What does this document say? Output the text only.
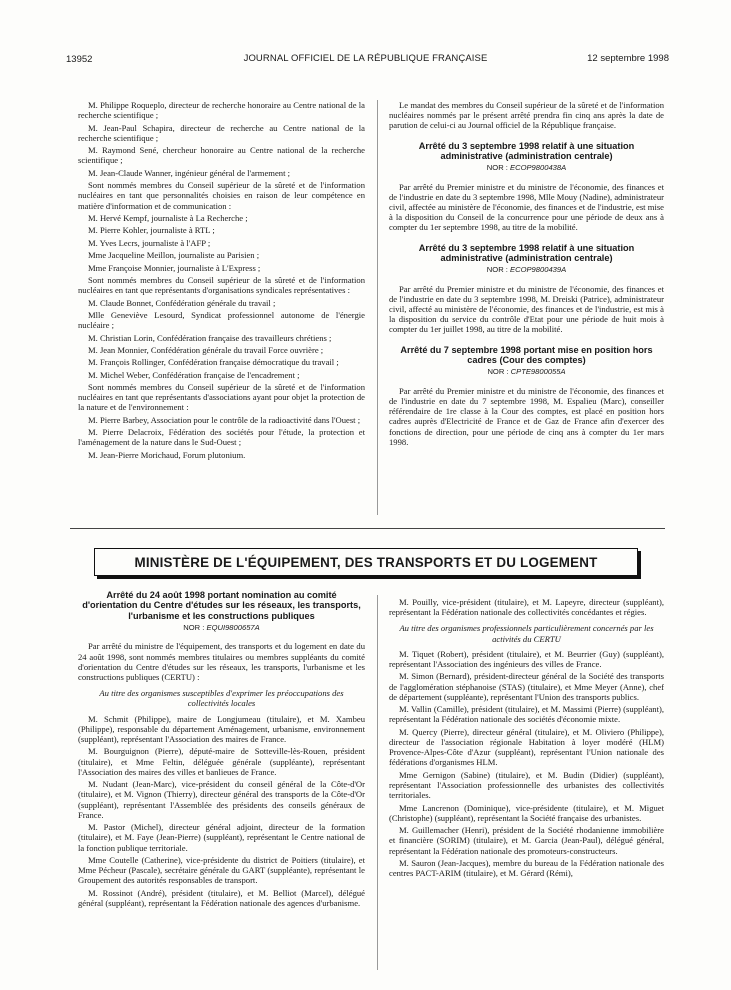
13952	JOURNAL OFFICIEL DE LA RÉPUBLIQUE FRANÇAISE	12 septembre 1998

M. Philippe Roqueplo, directeur de recherche honoraire au Centre national de la recherche scientifique ;

M. Jean-Paul Schapira, directeur de recherche au Centre national de la recherche scientifique ;

M. Raymond Sené, chercheur honoraire au Centre national de la recherche scientifique ;

M. Jean-Claude Wanner, ingénieur général de l'armement ;

Sont nommés membres du Conseil supérieur de la sûreté et de l'information nucléaires en tant que personnalités choisies en raison de leur compétence en matière d'information et de communication :

M. Hervé Kempf, journaliste à La Recherche ;

M. Pierre Kohler, journaliste à RTL ;

M. Yves Lecrs, journaliste à l'AFP ;

Mme Jacqueline Meillon, journaliste au Parisien ;

Mme Françoise Monnier, journaliste à L'Express ;

Sont nommés membres du Conseil supérieur de la sûreté et de l'information nucléaires en tant que représentants d'organisations syndicales représentatives :

M. Claude Bonnet, Confédération générale du travail ;

Mlle Geneviève Lesourd, Syndicat professionnel autonome de l'énergie nucléaire ;

M. Christian Lorin, Confédération française des travailleurs chrétiens ;

M. Jean Monnier, Confédération générale du travail Force ouvrière ;

M. François Rollinger, Confédération française démocratique du travail ;

M. Michel Weber, Confédération française de l'encadrement ;

Sont nommés membres du Conseil supérieur de la sûreté et de l'information nucléaires en tant que représentants d'associations ayant pour objet la protection de la nature et de l'environnement :

M. Pierre Barbey, Association pour le contrôle de la radioactivité dans l'Ouest ;

M. Pierre Delacroix, Fédération des sociétés pour l'étude, la protection et l'aménagement de la nature dans le Sud-Ouest ;

M. Jean-Pierre Morichaud, Forum plutonium.

Le mandat des membres du Conseil supérieur de la sûreté et de l'information nucléaires nommés par le présent arrêté prendra fin cinq ans après la date de parution de celui-ci au Journal officiel de la République française.

Arrêté du 3 septembre 1998 relatif à une situation administrative (administration centrale)
NOR : ECOP9800438A

Par arrêté du Premier ministre et du ministre de l'économie, des finances et de l'industrie en date du 3 septembre 1998, Mlle Mouy (Nadine), administrateur civil, affectée au ministère de l'économie, des finances et de l'industrie, est mise à la disposition du Conseil de la concurrence pour une période de deux ans à compter du 1er septembre 1998, au titre de la mobilité.

Arrêté du 3 septembre 1998 relatif à une situation administrative (administration centrale)
NOR : ECOP9800439A

Par arrêté du Premier ministre et du ministre de l'économie, des finances et de l'industrie en date du 3 septembre 1998, M. Dreiski (Patrice), administrateur civil, affecté au ministère de l'économie, des finances et de l'industrie, est mis à la disposition du service du contrôle d'Etat pour une période de huit mois à compter du 1er juillet 1998, au titre de la mobilité.

Arrêté du 7 septembre 1998 portant mise en position hors cadres (Cour des comptes)
NOR : CPTE9800055A

Par arrêté du Premier ministre et du ministre de l'économie, des finances et de l'industrie en date du 7 septembre 1998, M. Espalieu (Marc), conseiller référendaire de 1re classe à la Cour des comptes, est placé en position hors cadres auprès d'Electricité de France et de Gaz de France afin d'exercer des fonctions de direction, pour une période de cinq ans à compter du 1er mars 1998.

MINISTÈRE DE L'ÉQUIPEMENT, DES TRANSPORTS ET DU LOGEMENT
Arrêté du 24 août 1998 portant nomination au comité d'orientation du Centre d'études sur les réseaux, les transports, l'urbanisme et les constructions publiques
NOR : EQUI9800657A

Par arrêté du ministre de l'équipement, des transports et du logement en date du 24 août 1998, sont nommés membres titulaires ou membres suppléants du comité d'orientation du Centre d'études sur les réseaux, les transports, l'urbanisme et les constructions publiques (CERTU) :

Au titre des organismes susceptibles d'exprimer les préoccupations des collectivités locales

M. Schmit (Philippe), maire de Longjumeau (titulaire), et M. Xambeu (Philippe), responsable du département Aménagement, urbanisme, environnement (suppléant), représentant l'Association des maires de France.

M. Bourguignon (Pierre), député-maire de Sotteville-lès-Rouen, président (titulaire), et Mme Feltin, déléguée générale (suppléante), représentant l'Association des maires des villes et banlieues de France.

M. Nudant (Jean-Marc), vice-président du conseil général de la Côte-d'Or (titulaire), et M. Vignon (Thierry), directeur général des transports de la Côte-d'Or (suppléant), représentant l'Assemblée des présidents des conseils généraux de France.

M. Pastor (Michel), directeur général adjoint, directeur de la formation (titulaire), et M. Faye (Jean-Pierre) (suppléant), représentant le Centre national de la fonction publique territoriale.

Mme Coutelle (Catherine), vice-présidente du district de Poitiers (titulaire), et Mme Pécheur (Pascale), secrétaire générale du GART (suppléante), représentant le Groupement des autorités responsables de transport.

M. Rossinot (André), président (titulaire), et M. Belliot (Marcel), délégué général (suppléant), représentant la Fédération nationale des agences d'urbanisme.

M. Pouilly, vice-président (titulaire), et M. Lapeyre, directeur (suppléant), représentant la Fédération nationale des collectivités concédantes et régies.

Au titre des organismes professionnels particulièrement concernés par les activités du CERTU

M. Tiquet (Robert), président (titulaire), et M. Beurrier (Guy) (suppléant), représentant l'Association des ingénieurs des villes de France.

M. Simon (Bernard), président-directeur général de la Société des transports de l'agglomération stéphanoise (STAS) (titulaire), et Mme Meyer (Anne), chef de département (suppléante), représentant l'Union des transports publics.

M. Vallin (Camille), président (titulaire), et M. Massimi (Pierre) (suppléant), représentant la Fédération nationale des sociétés d'économie mixte.

M. Quercy (Pierre), directeur général (titulaire), et M. Oliviero (Philippe), directeur de l'association régionale Habitation à loyer modéré (HLM) Provence-Alpes-Côte d'Azur (suppléant), représentant l'Union nationale des fédérations d'organismes HLM.

Mme Gernigon (Sabine) (titulaire), et M. Budin (Didier) (suppléant), représentant l'Association professionnelle des urbanistes des collectivités territoriales.

Mme Lancrenon (Dominique), vice-présidente (titulaire), et M. Miguet (Christophe) (suppléant), représentant la Société française des urbanistes.

M. Guillemacher (Henri), président de la Société rhodanienne immobilière et financière (SORIM) (titulaire), et M. Garcia (Jean-Paul), délégué général, représentant la Fédération nationale des promoteurs-constructeurs.

M. Sauron (Jean-Jacques), membre du bureau de la Fédération nationale des centres PACT-ARIM (titulaire), et M. Gérard (Rémi),
